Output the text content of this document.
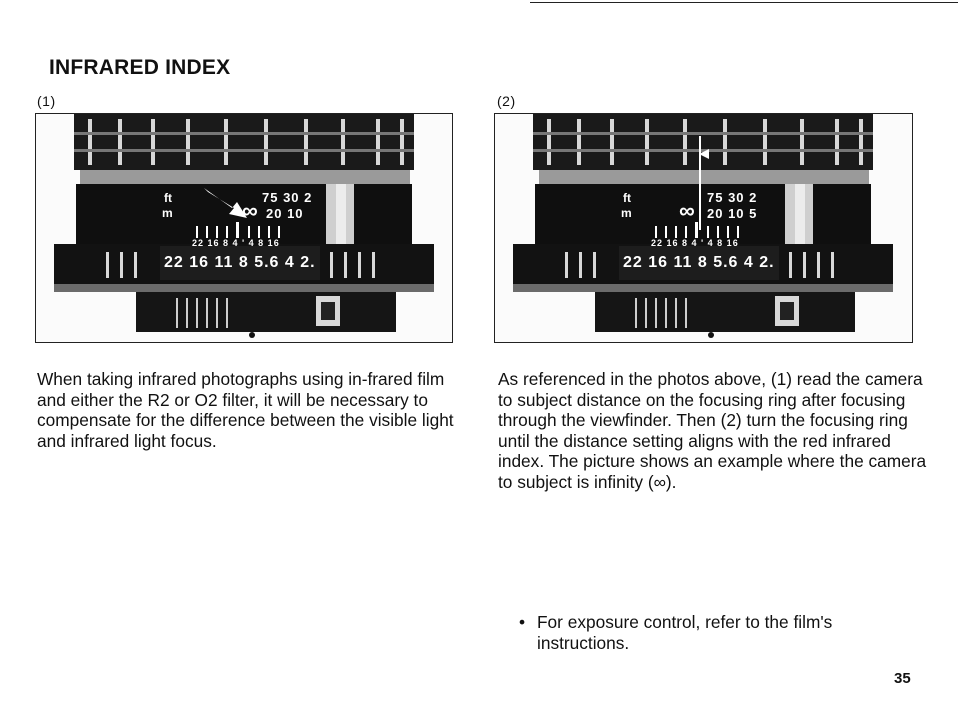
INFRARED INDEX
(1)	(2)
ft
m	∞
75 30 2
20 10
22 16 8 4 ' 4 8 16
22 16 11 8 5.6 4 2.
ft
m ∞
75 30 2
20 10 5
22 16 8 4 ' 4 8 16
22 16 11 8 5.6 4 2.

When taking infrared photographs using in-frared film and either the R2 or O2 filter, it will be necessary to compensate for the difference between the visible light and infrared light focus.

As referenced in the photos above, (1) read the camera to subject distance on the focusing ring after focusing through the viewfinder. Then (2) turn the focusing ring until the distance setting aligns with the red infrared index. The picture shows an example where the camera to subject is infinity (∞).

• For exposure control, refer to the film's instructions.
35
